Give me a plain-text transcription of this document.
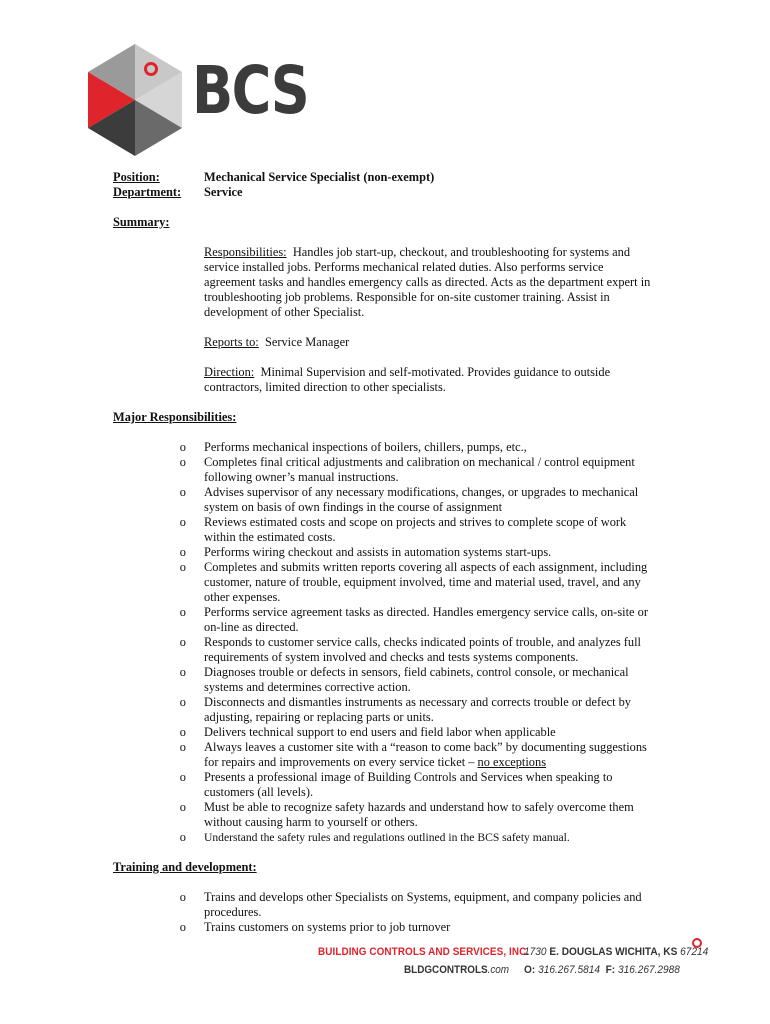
BCS
Position:	Mechanical Service Specialist (non-exempt)
Department:	Service
Summary:

Responsibilities: Handles job start-up, checkout, and troubleshooting for systems and service installed jobs. Performs mechanical related duties. Also performs service agreement tasks and handles emergency calls as directed. Acts as the department expert in troubleshooting job problems. Responsible for on-site customer training. Assist in development of other Specialist.

Reports to: Service Manager

Direction: Minimal Supervision and self-motivated. Provides guidance to outside contractors, limited direction to other specialists.

Major Responsibilities:
o	Performs mechanical inspections of boilers, chillers, pumps, etc.,
o	Completes final critical adjustments and calibration on mechanical / control equipment following owner’s manual instructions.
o	Advises supervisor of any necessary modifications, changes, or upgrades to mechanical system on basis of own findings in the course of assignment
o	Reviews estimated costs and scope on projects and strives to complete scope of work within the estimated costs.
o	Performs wiring checkout and assists in automation systems start-ups.
o	Completes and submits written reports covering all aspects of each assignment, including customer, nature of trouble, equipment involved, time and material used, travel, and any other expenses.
o	Performs service agreement tasks as directed. Handles emergency service calls, on-site or on-line as directed.
o	Responds to customer service calls, checks indicated points of trouble, and analyzes full requirements of system involved and checks and tests systems components.
o	Diagnoses trouble or defects in sensors, field cabinets, control console, or mechanical systems and determines corrective action.
o	Disconnects and dismantles instruments as necessary and corrects trouble or defect by adjusting, repairing or replacing parts or units.
o	Delivers technical support to end users and field labor when applicable
o	Always leaves a customer site with a “reason to come back” by documenting suggestions for repairs and improvements on every service ticket – no exceptions
o	Presents a professional image of Building Controls and Services when speaking to customers (all levels).
o	Must be able to recognize safety hazards and understand how to safely overcome them without causing harm to yourself or others.
o	Understand the safety rules and regulations outlined in the BCS safety manual.
Training and development:
o	Trains and develops other Specialists on Systems, equipment, and company policies and procedures.
o	Trains customers on systems prior to job turnover
BUILDING CONTROLS AND SERVICES, INC.
BLDGCONTROLS.com
1730 E. DOUGLAS WICHITA, KS 67214
O: 316.267.5814 F: 316.267.2988
